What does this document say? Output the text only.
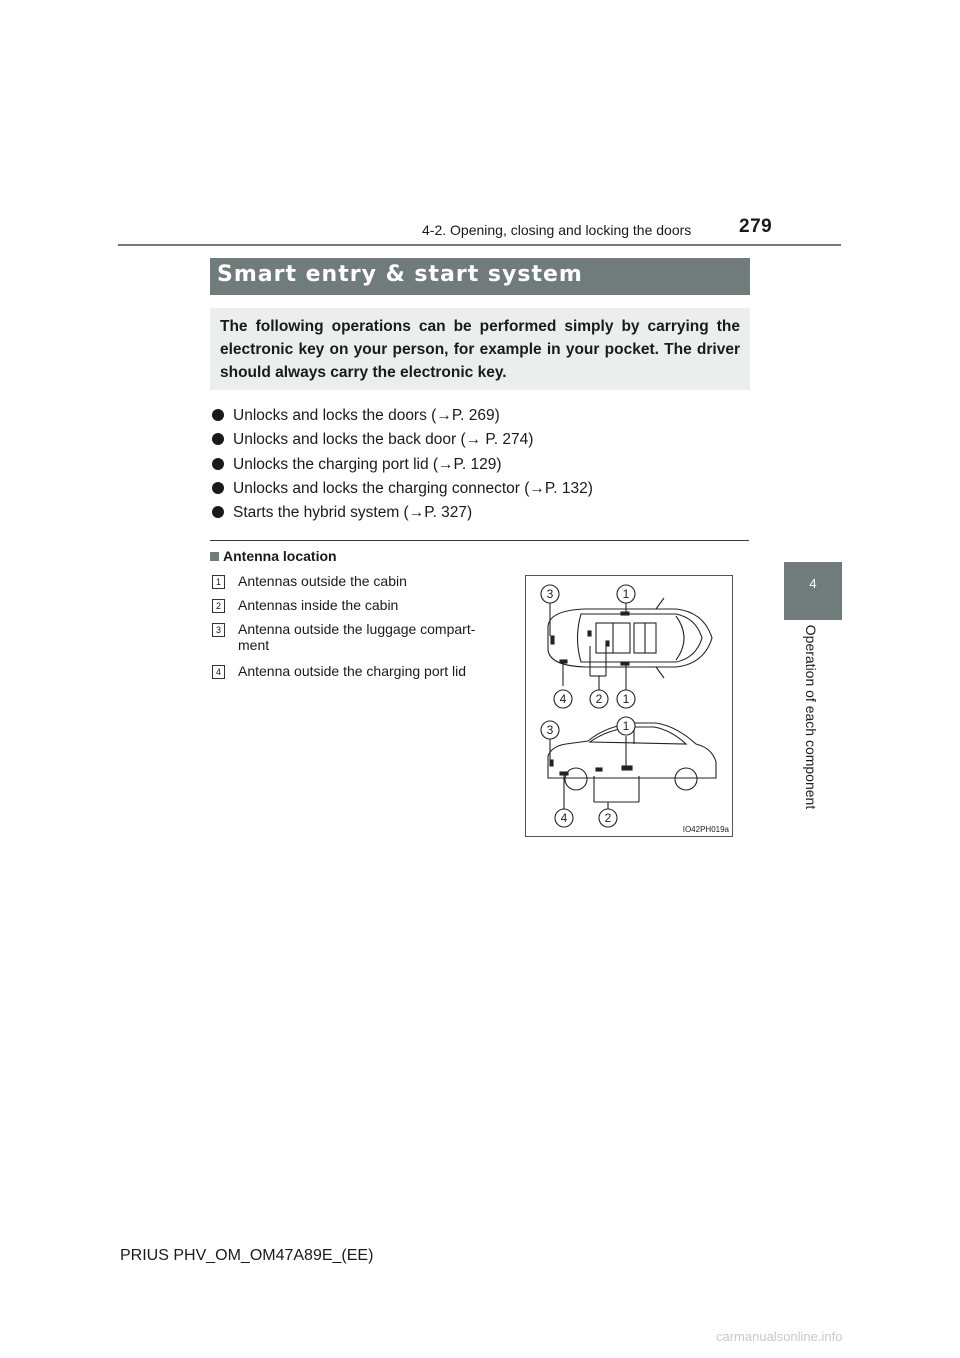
4-2. Opening, closing and locking the doors	279
4
Operation of each component
Smart entry & start system
The following operations can be performed simply by carrying the electronic key on your person, for example in your pocket. The driver should always carry the electronic key.
Unlocks and locks the doors (→P. 269)
Unlocks and locks the back door (→ P. 274)
Unlocks the charging port lid (→P. 129)
Unlocks and locks the charging connector (→P. 132)
Starts the hybrid system (→P. 327)
Antenna location
1 Antennas outside the cabin
2 Antennas inside the cabin
3 Antenna outside the luggage compart-ment
4 Antenna outside the charging port lid
3	1
4 2 1
3	1
4	2
IO42PH019a
PRIUS PHV_OM_OM47A89E_(EE)
carmanualsonline.info
